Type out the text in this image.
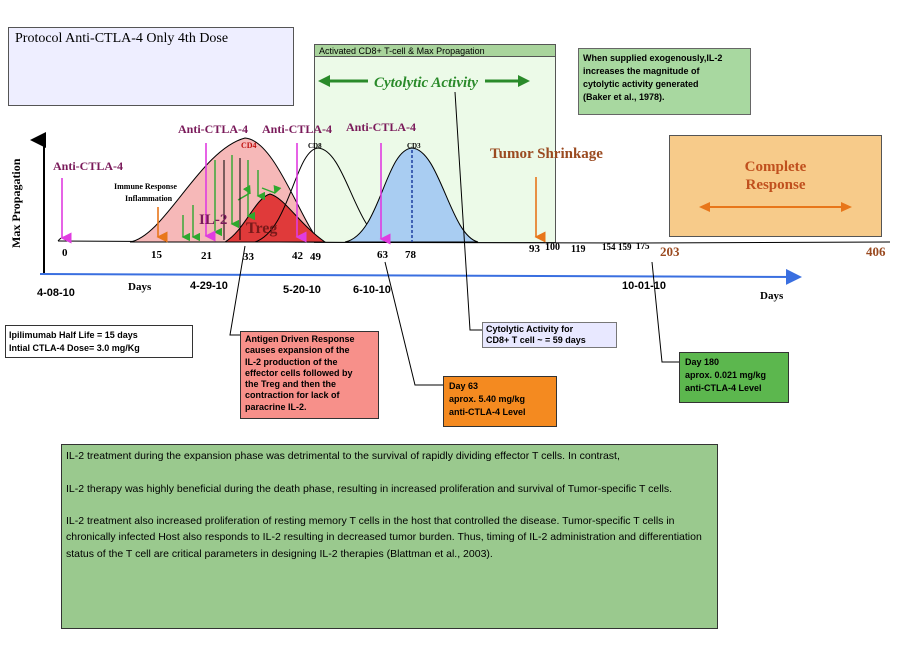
Protocol Anti-CTLA-4 Only 4th Dose
Activated CD8+ T-cell & Max Propagation
When supplied exogenously,IL-2
increases the magnitude of
cytolytic activity generated
(Baker et al., 1978).
Complete
Response
Max Propagation
Days
Days
0	15	21	33	42 49	63 78	93 100 119 154 159 175 203	406
4-08-10
4-29-10	5-20-10	6-10-10	10-01-10
Anti-CTLA-4
Anti-CTLA-4 Anti-CTLA-4 Anti-CTLA-4
Immune Response
Inflammation
IL-2
CD4
Treg
CD8	CD3	Tumor Shrinkage
Cytolytic Activity
Ipilimumab Half Life = 15 days
Intial CTLA-4 Dose= 3.0 mg/Kg
Antigen Driven Response
causes expansion of the
IL-2 production of the
effector cells followed by
the Treg and then the
contraction for lack of
paracrine IL-2.
Cytolytic Activity for
CD8+ T cell ~ = 59 days
Day 63
aprox. 5.40 mg/kg
anti-CTLA-4 Level
Day 180
aprox. 0.021 mg/kg
anti-CTLA-4 Level

IL-2 treatment during the expansion phase was detrimental to the survival of rapidly dividing effector T cells. In contrast,

IL-2 therapy was highly beneficial during the death phase, resulting in increased proliferation and survival of Tumor-specific T cells.

IL-2 treatment also increased proliferation of resting memory T cells in the host that controlled the disease. Tumor-specific T cells in chronically infected Host also responds to IL-2 resulting in decreased tumor burden. Thus, timing of IL-2 administration and differentiation status of the T cell are critical parameters in designing IL-2 therapies (Blattman et al., 2003).
